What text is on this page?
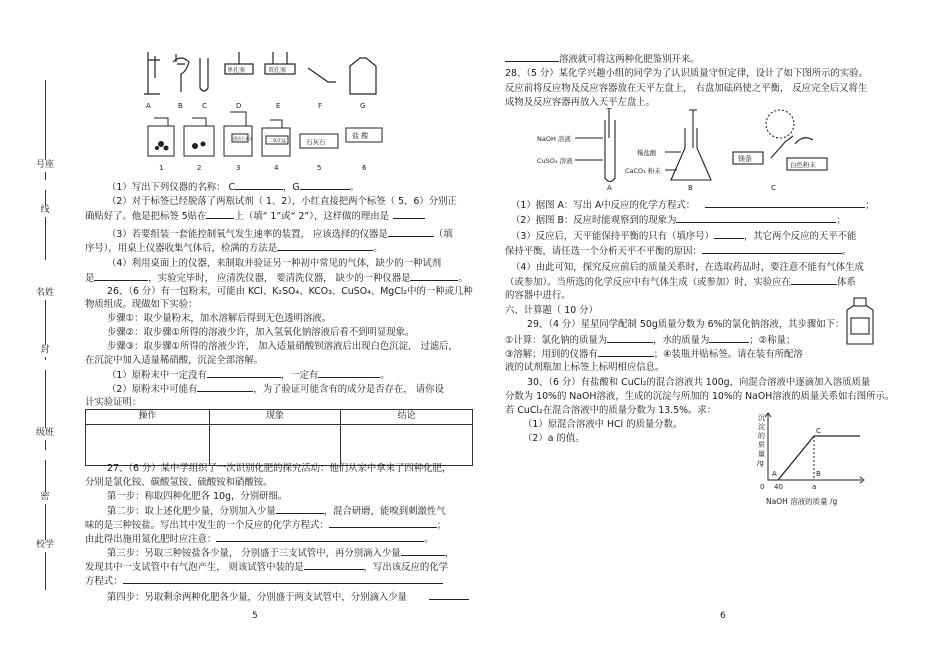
号座
线
名姓
封
级班
密
校学
A	B	C	D	E	F	G
单孔塞	双孔塞
澄清石灰水
二氧化锰	石灰石
盐 酸
1	2	3	4	5	6
（1）写出下列仪器的名称： C	，G	。
（2）对于标签已经脱落了两瓶试剂（ 1、2），小红直接把两个标签（ 5、6）分别正
确贴好了。他是把标签 5贴在	上（填“ 1”或“ 2”），这样做的理由是
（3）若要组装一套能控制氧气发生速率的装置， 应该选择的仪器是	（填
序号），用桌上仪器收集气体后，检满的方法是	。
（4）利用桌面上的仪器，来制取并验证另一种初中常见的气体，缺少的一种试剂
是	，实验完毕时， 应清洗仪器， 要清洗仪器， 缺少的一种仪器是	。
26、（6 分）有一包粉末，可能由 KCl、K₂SO₄、KCO₃、CuSO₄、MgCl₂中的一种或几种
物质组成。现做如下实验：
步骤①：取少量粉末，加水溶解后得到无色透明溶液。
步骤②：取步骤①所得的溶液少许，加入氢氧化钠溶液后看不到明显现象。
步骤③：取步骤①所得的溶液少许， 加入适量硝酸钡溶液后出现白色沉淀， 过滤后，
在沉淀中加入适量稀硝酸，沉淀全部溶解。
（1）原粉末中一定没有	，一定有	。
（2）原粉末中可能有	，为了验证可能含有的成分是否存在， 请你设
计实验证明：
操作	现象	结论

27、（6 分）某中学组织了一次识别化肥的探究活动：他们从家中拿来了四种化肥，
分别是氯化铵、碳酸氢铵、硫酸铵和硝酸铵。
第一步：称取四种化肥各 10g，分别研细。
第二步：取上述化肥少量，分别加入少量	，混合研磨，能嗅到刺激性气
味的是三种铵盐。写出其中发生的一个反应的化学方程式：	；
由此得出施用氮化肥时应注意：	。
第三步：另取三种铵盐各少量， 分别盛于三支试管中，再分别滴入少量	，
发现其中一支试管中有气泡产生， 则该试管中装的是	，写出该反应的化学
方程式：
第四步：另取剩余两种化肥各少量，分别盛于两支试管中，分别滴入少量
5
溶液就可将这两种化肥鉴别开来。
28、（5 分）某化学兴趣小组的同学为了认识质量守恒定律，设计了如下图所示的实验。
反应前将反应物及反应容器放在天平左盘上， 右盘加砝码使之平衡， 反应完全后又将生
成物及反应容器再放入天平左盘上。
（1）据图 A：写出 A中反应的化学方程式：	；
（2）据图 B：反应时能观察到的现象为	；
（3）反应后，天平能保持平衡的只有（填序号）	，其它两个反应的天平不能
保持平衡，请任选一个分析天平不平衡的原因：	。
（4）由此可知，探究反应前后的质量关系时，在选取药品时，要注意不能有气体生成
（或参加）。当所选的化学反应中有气体生成（或参加）时，实验应在	体系
的容器中进行。
六、计算题（ 10 分）
29、（4 分）星星同学配制 50g质量分数为 6%的氯化钠溶液，其步骤如下：
①计算：氯化钠的质量为	，水的质量为	；②称量；
③溶解；用到的仪器有	；④装瓶并贴标签。请在装有所配溶
液的试剂瓶加上标签上标明相应信息。
30、（6 分）有盐酸和 CuCl₂的混合溶液共 100g，向混合溶液中逐滴加入溶质质量
分数为 10%的 NaOH溶液，生成的沉淀与所加的 10%的 NaOH溶液的质量关系如右图所示。
若 CuCl₂在混合溶液中的质量分数为 13.5%。求：
（1）原混合溶液中 HCl 的质量分数。
（2）a 的值。
NaOH 溶液
CuSO₄ 溶液
稀盐酸
CaCO₃ 粉末
镁条
白色粉末
A	B	C
沉
淀
的
质
量
/g
0 40	a
A	B
C
NaOH 溶液的质量 /g
6
